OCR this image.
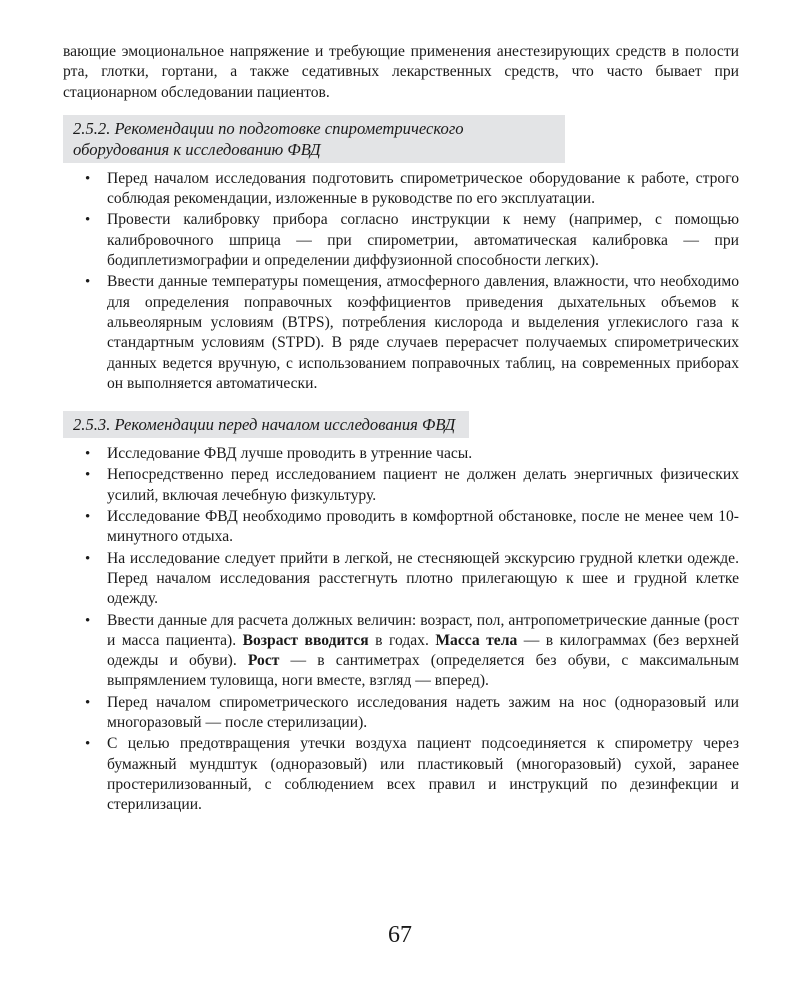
вающие эмоциональное напряжение и требующие применения анестезирующих средств в полости рта, глотки, гортани, а также седативных лекарственных средств, что часто бывает при стационарном обследовании пациентов.

2.5.2. Рекомендации по подготовке спирометрического оборудования к исследованию ФВД
• Перед началом исследования подготовить спирометрическое оборудование к работе, строго соблюдая рекомендации, изложенные в руководстве по его эксплуатации.
• Провести калибровку прибора согласно инструкции к нему (например, с помощью калибровочного шприца — при спирометрии, автоматическая калибровка — при бодиплетизмографии и определении диффузионной способности легких).
• Ввести данные температуры помещения, атмосферного давления, влажности, что необходимо для определения поправочных коэффициентов приведения дыхательных объемов к альвеолярным условиям (BTPS), потребления кислорода и выделения углекислого газа к стандартным условиям (STPD). В ряде случаев перерасчет получаемых спирометрических данных ведется вручную, с использованием поправочных таблиц, на современных приборах он выполняется автоматически.
2.5.3. Рекомендации перед началом исследования ФВД
• Исследование ФВД лучше проводить в утренние часы.
• Непосредственно перед исследованием пациент не должен делать энергичных физических усилий, включая лечебную физкультуру.
• Исследование ФВД необходимо проводить в комфортной обстановке, после не менее чем 10-минутного отдыха.
• На исследование следует прийти в легкой, не стесняющей экскурсию грудной клетки одежде. Перед началом исследования расстегнуть плотно прилегающую к шее и грудной клетке одежду.
• Ввести данные для расчета должных величин: возраст, пол, антропометрические данные (рост и масса пациента). Возраст вводится в годах. Масса тела — в килограммах (без верхней одежды и обуви). Рост — в сантиметрах (определяется без обуви, с максимальным выпрямлением туловища, ноги вместе, взгляд — вперед).
• Перед началом спирометрического исследования надеть зажим на нос (одноразовый или многоразовый — после стерилизации).
• С целью предотвращения утечки воздуха пациент подсоединяется к спирометру через бумажный мундштук (одноразовый) или пластиковый (многоразовый) сухой, заранее простерилизованный, с соблюдением всех правил и инструкций по дезинфекции и стерилизации.
67
